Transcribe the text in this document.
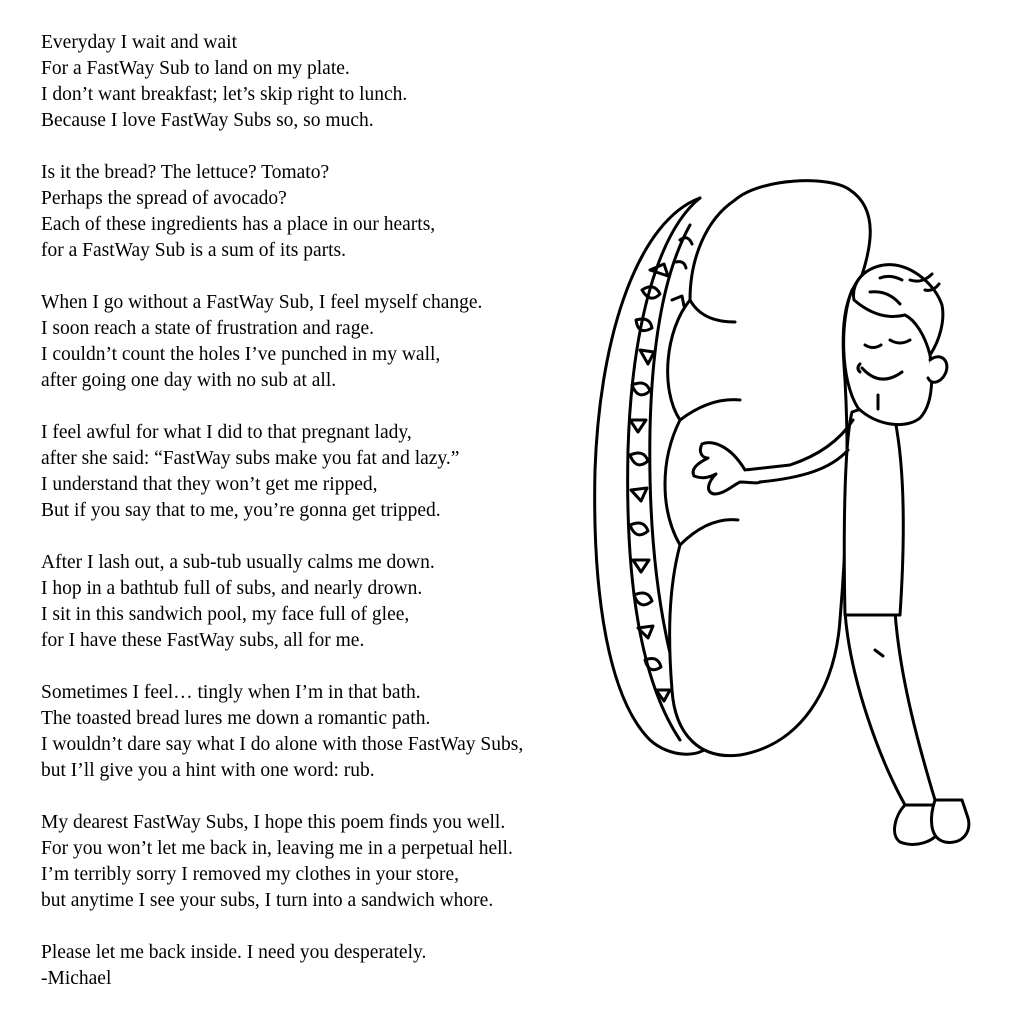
Everyday I wait and wait
For a FastWay Sub to land on my plate.
I don’t want breakfast; let’s skip right to lunch.
Because I love FastWay Subs so, so much.
Is it the bread? The lettuce? Tomato?
Perhaps the spread of avocado?
Each of these ingredients has a place in our hearts,
for a FastWay Sub is a sum of its parts.
When I go without a FastWay Sub, I feel myself change.
I soon reach a state of frustration and rage.
I couldn’t count the holes I’ve punched in my wall,
after going one day with no sub at all.
I feel awful for what I did to that pregnant lady,
after she said: “FastWay subs make you fat and lazy.”
I understand that they won’t get me ripped,
But if you say that to me, you’re gonna get tripped.
After I lash out, a sub-tub usually calms me down.
I hop in a bathtub full of subs, and nearly drown.
I sit in this sandwich pool, my face full of glee,
for I have these FastWay subs, all for me.
Sometimes I feel… tingly when I’m in that bath.
The toasted bread lures me down a romantic path.
I wouldn’t dare say what I do alone with those FastWay Subs,
but I’ll give you a hint with one word: rub.
My dearest FastWay Subs, I hope this poem finds you well.
For you won’t let me back in, leaving me in a perpetual hell.
I’m terribly sorry I removed my clothes in your store,
but anytime I see your subs, I turn into a sandwich whore.
Please let me back inside. I need you desperately.
-Michael
